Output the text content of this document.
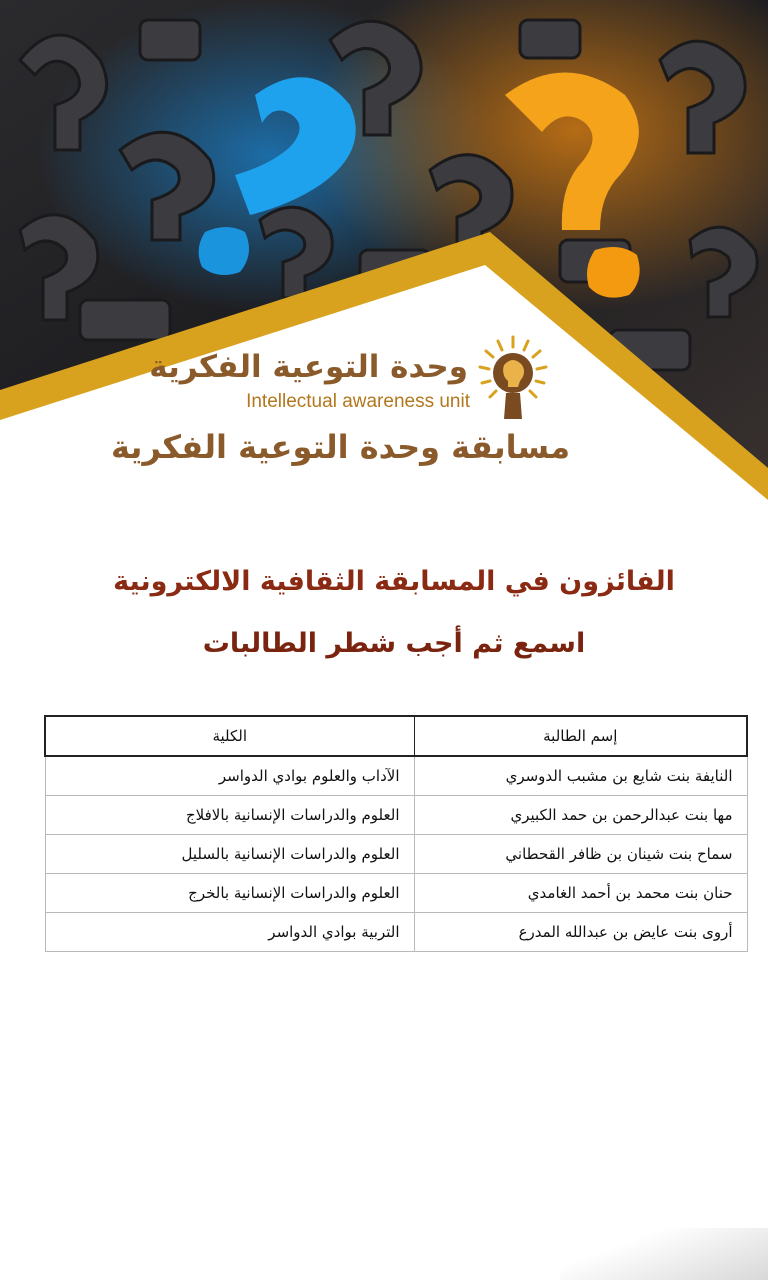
وحدة التوعية الفكرية
Intellectual awareness unit
مسابقة وحدة التوعية الفكرية
الفائزون في المسابقة الثقافية الالكترونية
اسمع ثم أجب شطر الطالبات
إسم الطالبة	الكلية
النايفة بنت شايع بن مشبب الدوسري	الآداب والعلوم بوادي الدواسر
مها بنت عبدالرحمن بن حمد الكبيري	العلوم والدراسات الإنسانية بالافلاج
سماح بنت شينان بن ظافر القحطاني	العلوم والدراسات الإنسانية بالسليل
حنان بنت محمد بن أحمد الغامدي	العلوم والدراسات الإنسانية بالخرج
أروى بنت عايض بن عبدالله المدرع	التربية بوادي الدواسر
